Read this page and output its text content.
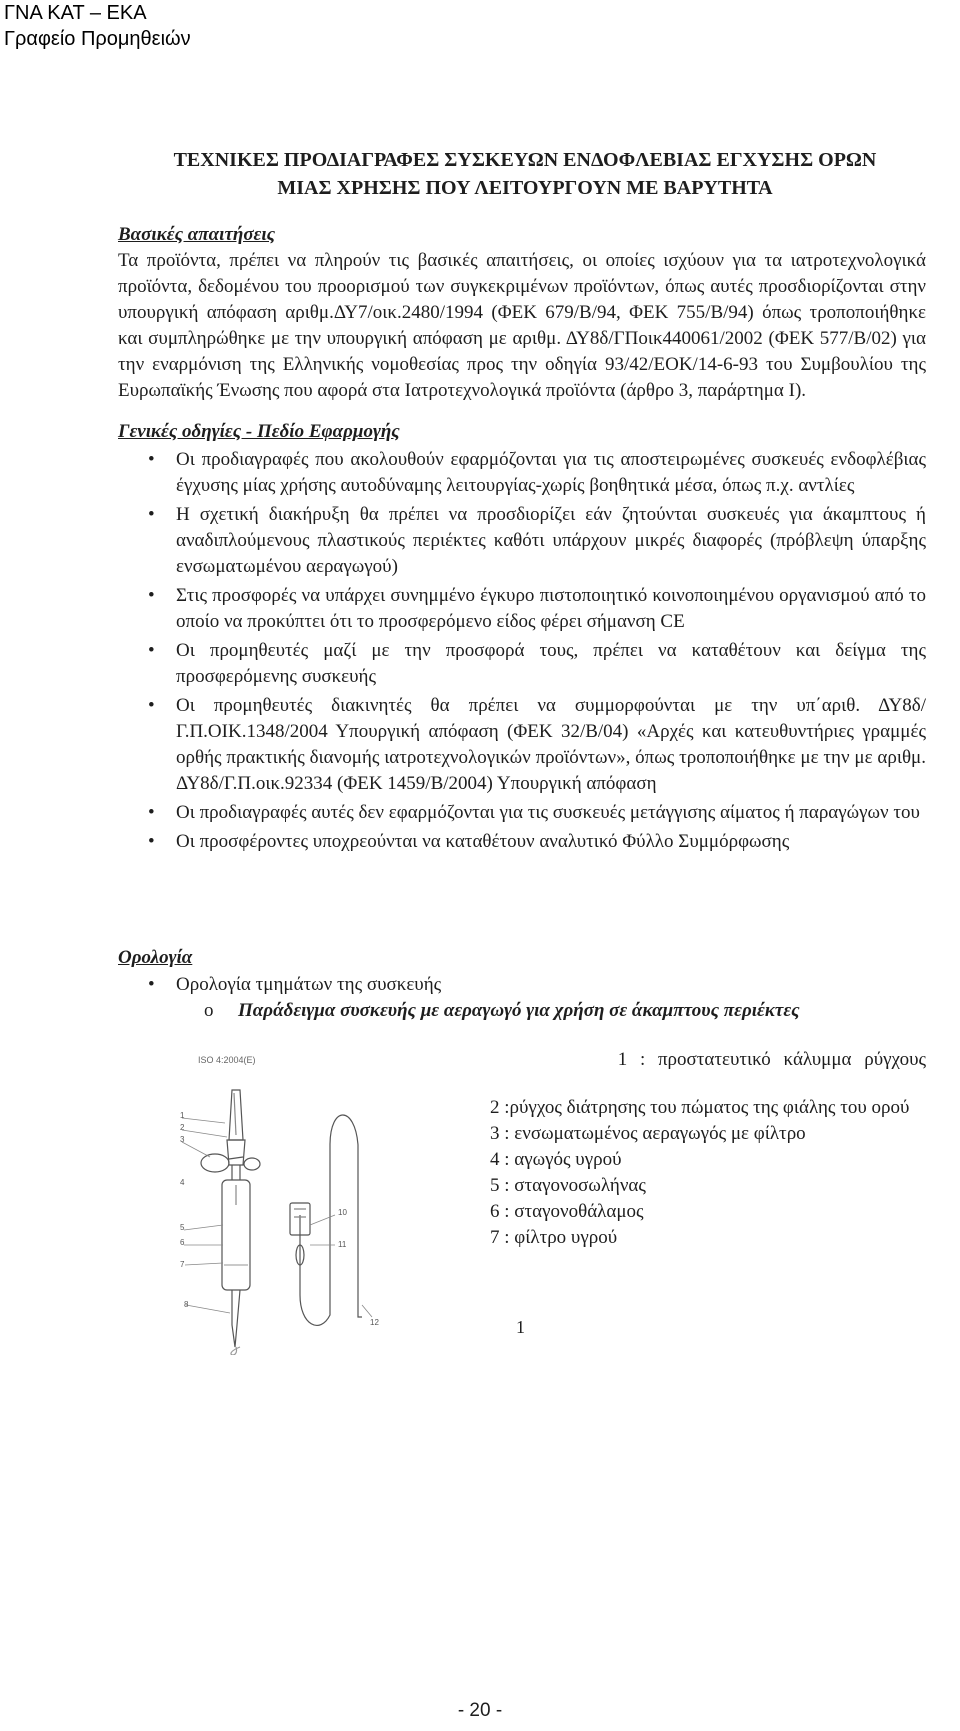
ΓΝΑ ΚΑΤ – ΕΚΑ
Γραφείο Προμηθειών
ΤΕΧΝΙΚΕΣ ΠΡΟΔΙΑΓΡΑΦΕΣ ΣΥΣΚΕΥΩΝ ΕΝΔΟΦΛΕΒΙΑΣ ΕΓΧΥΣΗΣ ΟΡΩΝ
ΜΙΑΣ ΧΡΗΣΗΣ ΠΟΥ ΛΕΙΤΟΥΡΓΟΥΝ ΜΕ ΒΑΡΥΤΗΤΑ
Βασικές απαιτήσεις
Τα προϊόντα, πρέπει να πληρούν τις βασικές απαιτήσεις, οι οποίες ισχύουν για τα ιατροτεχνολογικά προϊόντα, δεδομένου του προορισμού των συγκεκριμένων προϊόντων, όπως αυτές προσδιορίζονται στην υπουργική απόφαση αριθμ.ΔΥ7/οικ.2480/1994 (ΦΕΚ 679/Β/94, ΦΕΚ 755/Β/94) όπως τροποποιήθηκε και συμπληρώθηκε με την υπουργική απόφαση με αριθμ. ΔΥ8δ/ΓΠοικ440061/2002 (ΦΕΚ 577/Β/02) για την εναρμόνιση της Ελληνικής νομοθεσίας προς την οδηγία 93/42/ΕΟΚ/14-6-93 του Συμβουλίου της Ευρωπαϊκής Ένωσης που αφορά στα Ιατροτεχνολογικά προϊόντα (άρθρο 3, παράρτημα Ι).
Γενικές οδηγίες - Πεδίο Εφαρμογής
• Οι προδιαγραφές που ακολουθούν εφαρμόζονται για τις αποστειρωμένες συσκευές ενδοφλέβιας έγχυσης μίας χρήσης αυτοδύναμης λειτουργίας-χωρίς βοηθητικά μέσα, όπως π.χ. αντλίες
• Η σχετική διακήρυξη θα πρέπει να προσδιορίζει εάν ζητούνται συσκευές για άκαμπτους ή αναδιπλούμενους πλαστικούς περιέκτες καθότι υπάρχουν μικρές διαφορές (πρόβλεψη ύπαρξης ενσωματωμένου αεραγωγού)
• Στις προσφορές να υπάρχει συνημμένο έγκυρο πιστοποιητικό κοινοποιημένου οργανισμού από το οποίο να προκύπτει ότι το προσφερόμενο είδος φέρει σήμανση CE
• Οι προμηθευτές μαζί με την προσφορά τους, πρέπει να καταθέτουν και δείγμα της προσφερόμενης συσκευής
• Οι προμηθευτές διακινητές θα πρέπει να συμμορφούνται με την υπ΄αριθ. ΔΥ8δ/Γ.Π.ΟΙΚ.1348/2004 Υπουργική απόφαση (ΦΕΚ 32/Β/04) «Αρχές και κατευθυντήριες γραμμές ορθής πρακτικής διανομής ιατροτεχνολογικών προϊόντων», όπως τροποποιήθηκε με την με αριθμ. ΔΥ8δ/Γ.Π.οικ.92334 (ΦΕΚ 1459/Β/2004) Υπουργική απόφαση
• Οι προδιαγραφές αυτές δεν εφαρμόζονται για τις συσκευές μετάγγισης αίματος ή παραγώγων του
• Οι προσφέροντες υποχρεούνται να καταθέτουν αναλυτικό Φύλλο Συμμόρφωσης
Ορολογία
• Ορολογία τμημάτων της συσκευής
o Παράδειγμα συσκευής με αεραγωγό για χρήση σε άκαμπτους περιέκτες
ISO 4:2004(E)
1
2
3
4
5
6
7
8
10
11
12
1 : προστατευτικό κάλυμμα ρύγχους
2 :ρύγχος διάτρησης του πώματος της φιάλης του ορού
3 : ενσωματωμένος αεραγωγός με φίλτρο
4 : αγωγός υγρού
5 : σταγονοσωλήνας
6 : σταγονοθάλαμος
7 : φίλτρο υγρού
1
- 20 -
